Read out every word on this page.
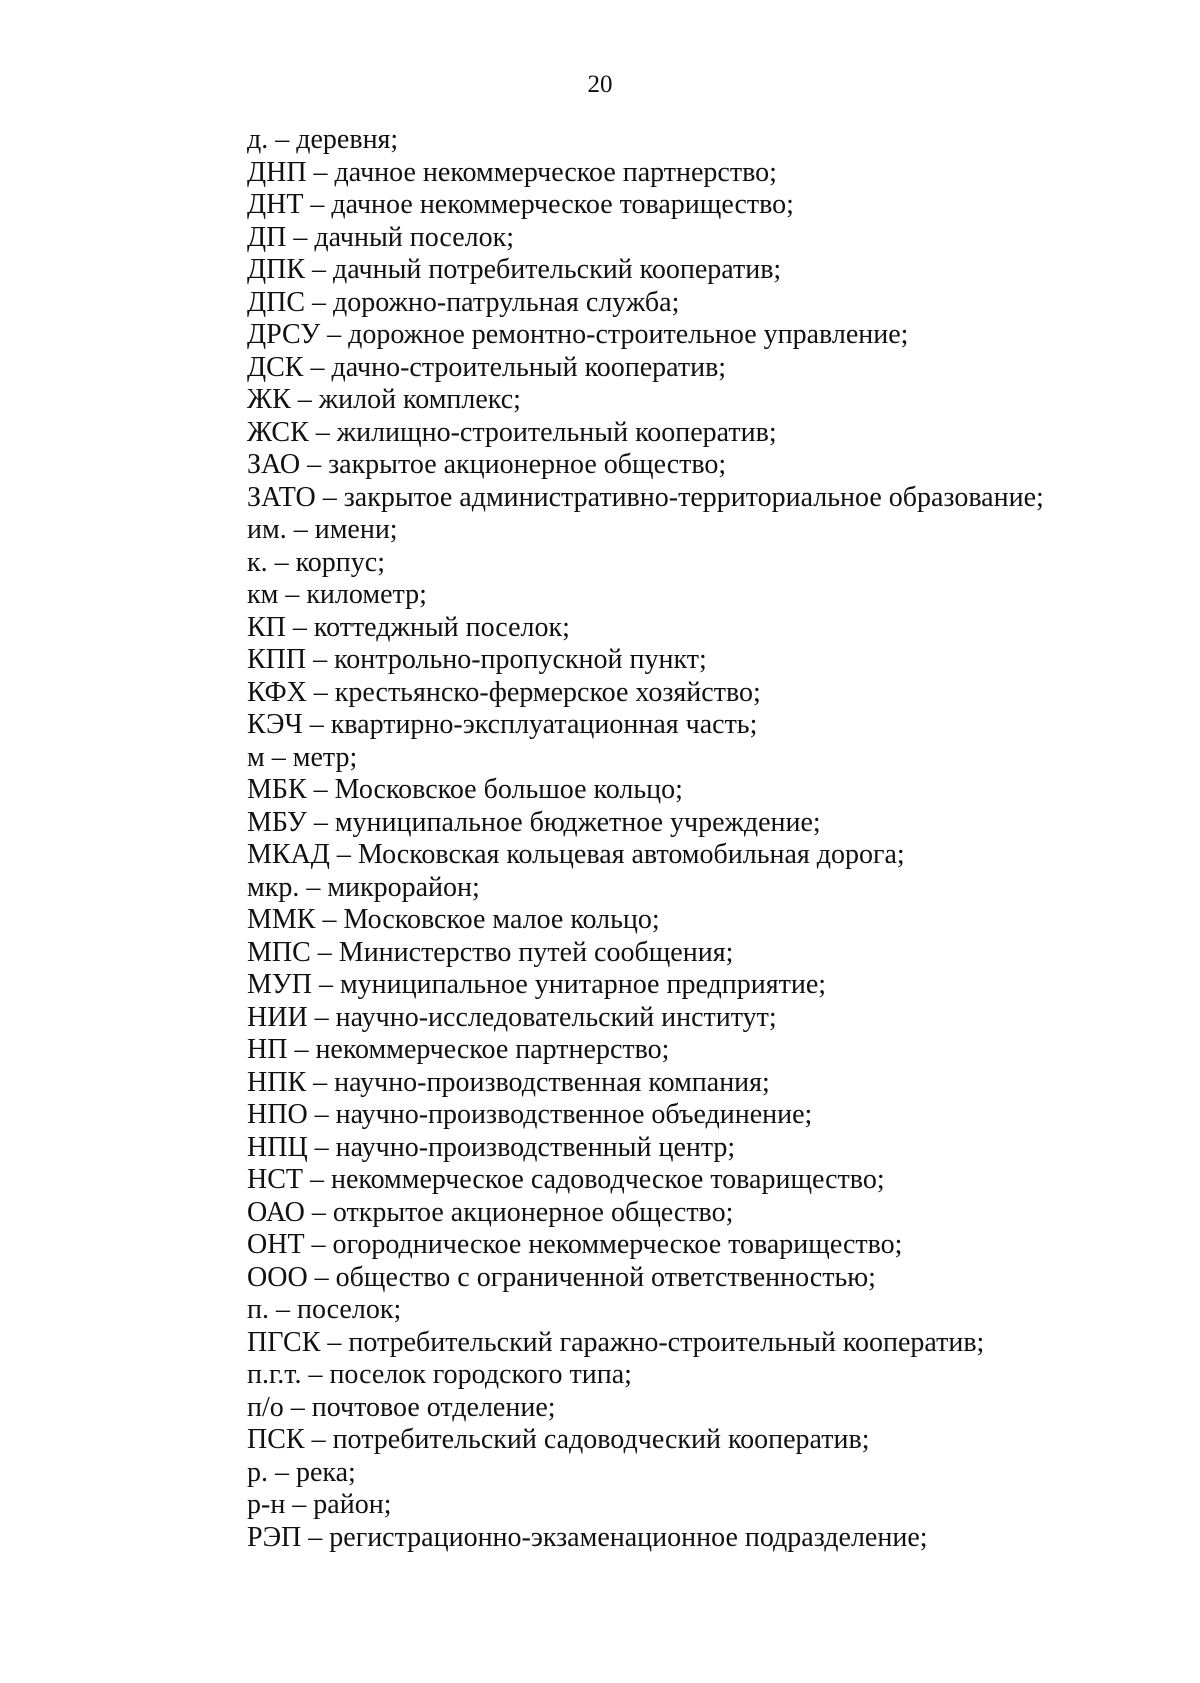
20
д. – деревня;
ДНП – дачное некоммерческое партнерство;
ДНТ – дачное некоммерческое товарищество;
ДП – дачный поселок;
ДПК – дачный потребительский кооператив;
ДПС – дорожно-патрульная служба;
ДРСУ – дорожное ремонтно-строительное управление;
ДСК – дачно-строительный кооператив;
ЖК – жилой комплекс;
ЖСК – жилищно-строительный кооператив;
ЗАО – закрытое акционерное общество;
ЗАТО – закрытое административно-территориальное образование;
им. – имени;
к. – корпус;
км – километр;
КП – коттеджный поселок;
КПП – контрольно-пропускной пункт;
КФХ – крестьянско-фермерское хозяйство;
КЭЧ – квартирно-эксплуатационная часть;
м – метр;
МБК – Московское большое кольцо;
МБУ – муниципальное бюджетное учреждение;
МКАД – Московская кольцевая автомобильная дорога;
мкр. – микрорайон;
ММК – Московское малое кольцо;
МПС – Министерство путей сообщения;
МУП – муниципальное унитарное предприятие;
НИИ – научно-исследовательский институт;
НП – некоммерческое партнерство;
НПК – научно-производственная компания;
НПО – научно-производственное объединение;
НПЦ – научно-производственный центр;
НСТ – некоммерческое садоводческое товарищество;
ОАО – открытое акционерное общество;
ОНТ – огородническое некоммерческое товарищество;
ООО – общество с ограниченной ответственностью;
п. – поселок;
ПГСК – потребительский гаражно-строительный кооператив;
п.г.т. – поселок городского типа;
п/о – почтовое отделение;
ПСК – потребительский садоводческий кооператив;
р. – река;
р-н – район;
РЭП – регистрационно-экзаменационное подразделение;
